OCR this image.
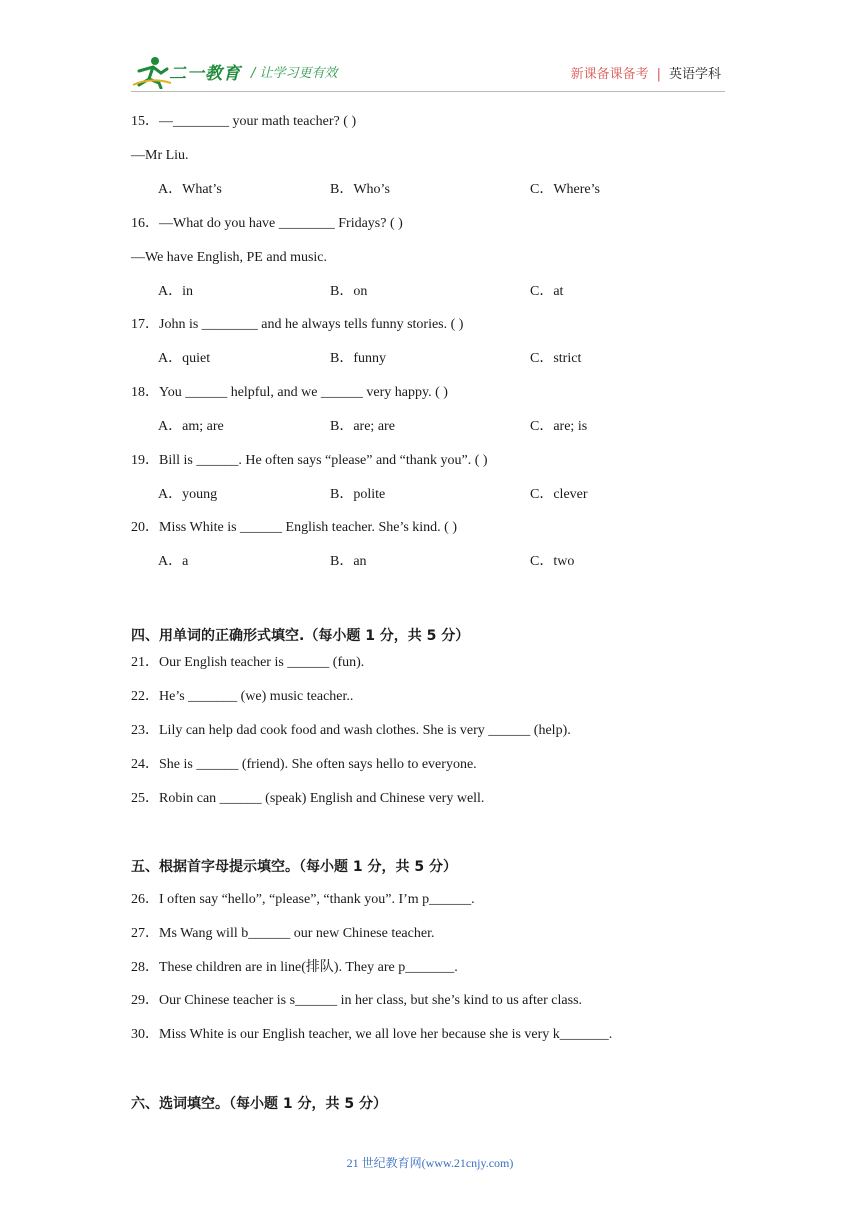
二一教育 / 让学习更有效	新课备课备考 | 英语学科
15．—________ your math teacher? ( )
—Mr Liu.
A．What’s	B．Who’s	C．Where’s
16．—What do you have ________ Fridays? ( )
—We have English, PE and music.
A．in	B．on	C．at
17．John is ________ and he always tells funny stories. ( )
A．quiet	B．funny	C．strict
18．You ______ helpful, and we ______ very happy. ( )
A．am; are	B．are; are	C．are; is
19．Bill is ______. He often says “please” and “thank you”. ( )
A．young	B．polite	C．clever
20．Miss White is ______ English teacher. She’s kind. ( )
A．a	B．an	C．two
四、用单词的正确形式填空.（每小题 1 分，共 5 分）
21．Our English teacher is ______ (fun).
22．He’s _______ (we) music teacher..
23．Lily can help dad cook food and wash clothes. She is very ______ (help).
24．She is ______ (friend). She often says hello to everyone.
25．Robin can ______ (speak) English and Chinese very well.
五、根据首字母提示填空。（每小题 1 分，共 5 分）
26．I often say “hello”, “please”, “thank you”. I’m p______.
27．Ms Wang will b______ our new Chinese teacher.
28．These children are in line(排队). They are p_______.
29．Our Chinese teacher is s______ in her class, but she’s kind to us after class.
30．Miss White is our English teacher, we all love her because she is very k_______.
六、选词填空。（每小题 1 分，共 5 分）
21 世纪教育网(www.21cnjy.com)
